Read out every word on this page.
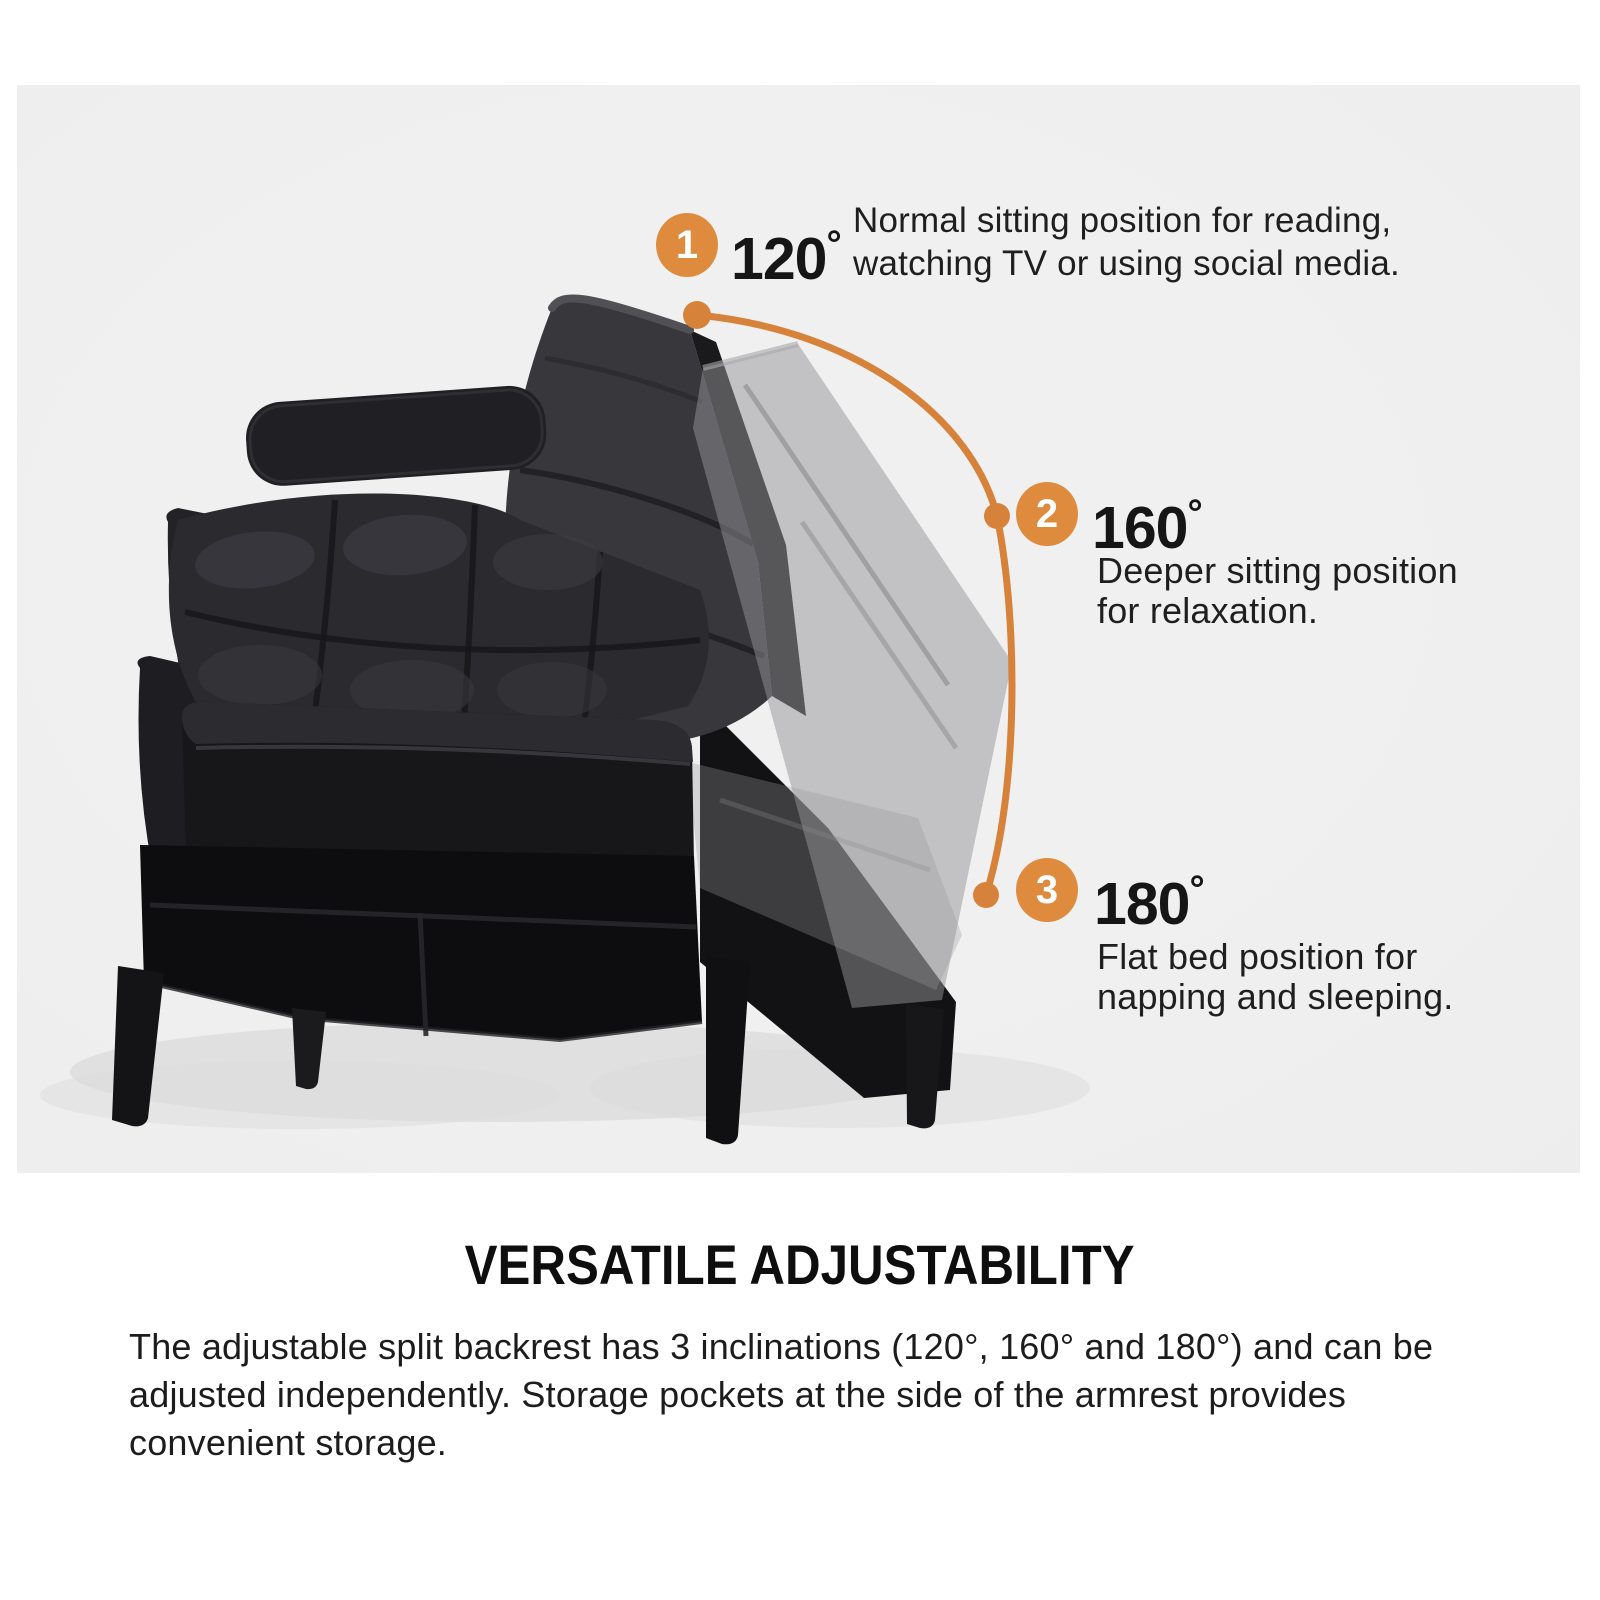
1 120°
Normal sitting position for reading,
watching TV or using social media.
2 160°
Deeper sitting position
for relaxation.
3 180°
Flat bed position for
napping and sleeping.
VERSATILE ADJUSTABILITY
The adjustable split backrest has 3 inclinations (120°, 160° and 180°) and can be
adjusted independently. Storage pockets at the side of the armrest provides
convenient storage.
